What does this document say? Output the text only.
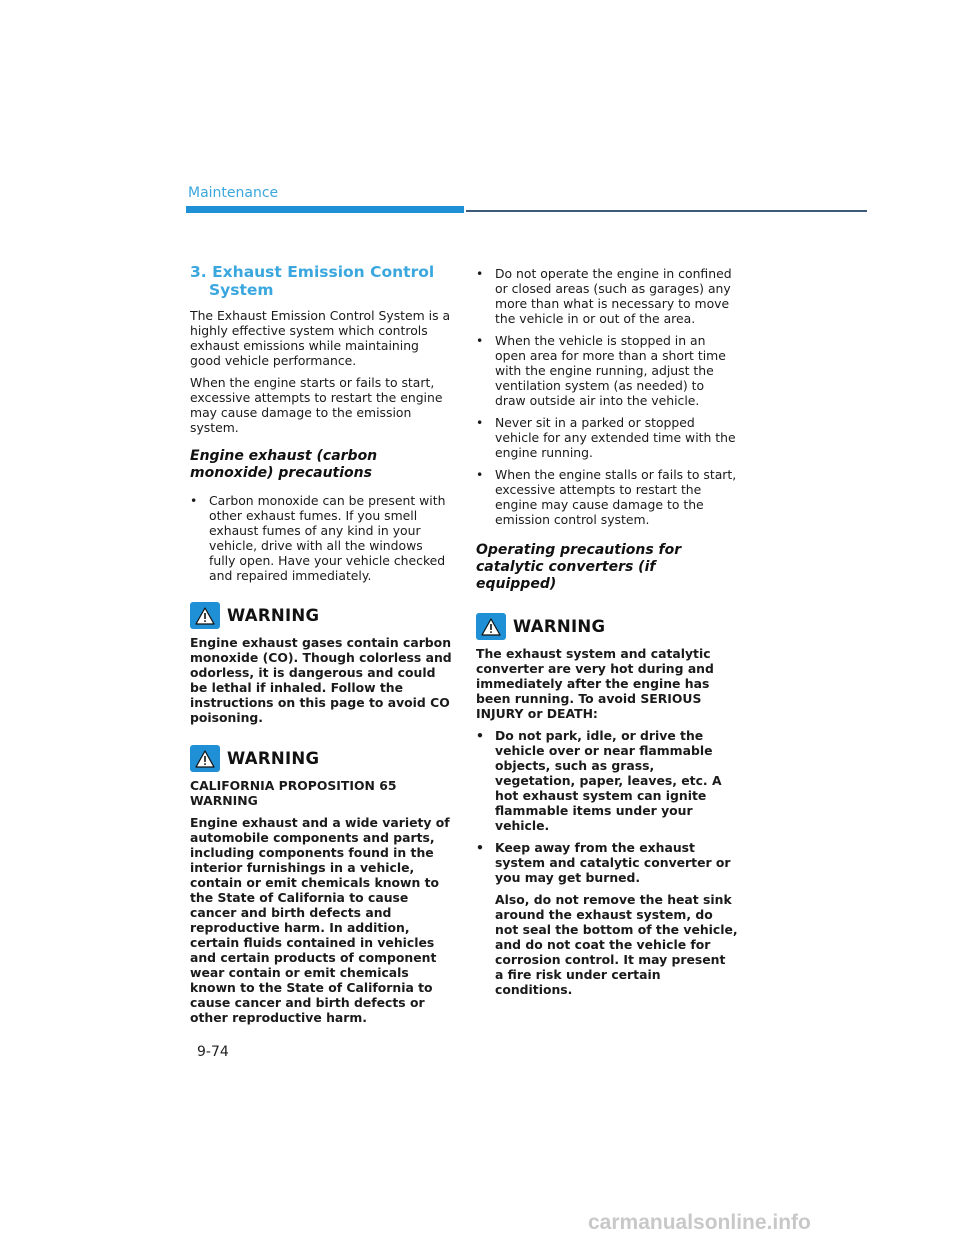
Maintenance
3. Exhaust Emission Control
System

The Exhaust Emission Control System is a highly effective system which controls exhaust emissions while maintaining good vehicle performance.

When the engine starts or fails to start, excessive attempts to restart the engine may cause damage to the emission system.

Engine exhaust (carbon monoxide) precautions
• Carbon monoxide can be present with other exhaust fumes. If you smell exhaust fumes of any kind in your vehicle, drive with all the windows fully open. Have your vehicle checked and repaired immediately.
WARNING

Engine exhaust gases contain carbon monoxide (CO). Though colorless and odorless, it is dangerous and could be lethal if inhaled. Follow the instructions on this page to avoid CO poisoning.

WARNING

CALIFORNIA PROPOSITION 65 WARNING

Engine exhaust and a wide variety of automobile components and parts, including components found in the interior furnishings in a vehicle, contain or emit chemicals known to the State of California to cause cancer and birth defects and reproductive harm. In addition, certain fluids contained in vehicles and certain products of component wear contain or emit chemicals known to the State of California to cause cancer and birth defects or other reproductive harm.

• Do not operate the engine in confined or closed areas (such as garages) any more than what is necessary to move the vehicle in or out of the area.
• When the vehicle is stopped in an open area for more than a short time with the engine running, adjust the ventilation system (as needed) to draw outside air into the vehicle.
• Never sit in a parked or stopped vehicle for any extended time with the engine running.
• When the engine stalls or fails to start, excessive attempts to restart the engine may cause damage to the emission control system.
Operating precautions for catalytic converters (if equipped)
WARNING

The exhaust system and catalytic converter are very hot during and immediately after the engine has been running. To avoid SERIOUS INJURY or DEATH:

• Do not park, idle, or drive the vehicle over or near flammable objects, such as grass, vegetation, paper, leaves, etc. A hot exhaust system can ignite flammable items under your vehicle.
• Keep away from the exhaust system and catalytic converter or you may get burned.

Also, do not remove the heat sink around the exhaust system, do not seal the bottom of the vehicle, and do not coat the vehicle for corrosion control. It may present a fire risk under certain conditions.

9-74
carmanualsonline.info
